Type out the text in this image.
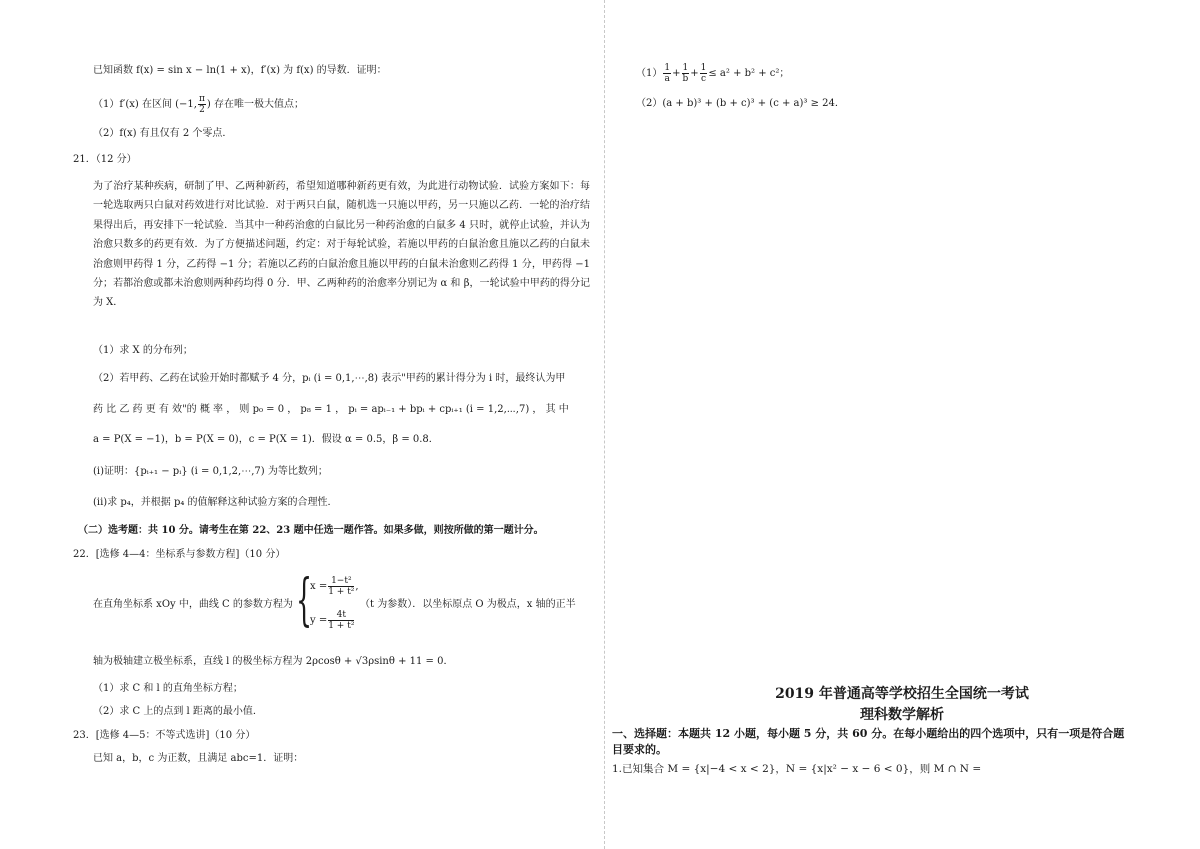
已知函数 f(x) = sin x − ln(1 + x)，f′(x) 为 f(x) 的导数．证明：
（1）f′(x) 在区间 (−1, $\frac{\pi}{2}$ ) 存在唯一极大值点；
（2）f(x) 有且仅有 2 个零点．
21．（12 分）
为了治疗某种疾病，研制了甲、乙两种新药，希望知道哪种新药更有效，为此进行动物试验．试验方案如下：每一轮选取两只白鼠对药效进行对比试验．对于两只白鼠，随机选一只施以甲药，另一只施以乙药．一轮的治疗结果得出后，再安排下一轮试验．当其中一种药治愈的白鼠比另一种药治愈的白鼠多 4 只时，就停止试验，并认为治愈只数多的药更有效．为了方便描述问题，约定：对于每轮试验，若施以甲药的白鼠治愈且施以乙药的白鼠未治愈则甲药得 1 分，乙药得 −1 分；若施以乙药的白鼠治愈且施以甲药的白鼠未治愈则乙药得 1 分，甲药得 −1 分；若都治愈或都未治愈则两种药均得 0 分．甲、乙两种药的治愈率分别记为 α 和 β，一轮试验中甲药的得分记为 X．
（1）求 X 的分布列；
（2）若甲药、乙药在试验开始时都赋予 4 分，pᵢ (i = 0,1,⋯,8) 表示"甲药的累计得分为 i 时，最终认为甲
药 比 乙 药 更 有 效"的 概 率 ， 则 p₀ = 0 ， p₈ = 1 ， pᵢ = apᵢ₋₁ + bpᵢ + cpᵢ₊₁ (i = 1,2,⋯,7) ， 其 中
a = P(X = −1)，b = P(X = 0)，c = P(X = 1)．假设 α = 0.5，β = 0.8．
(i)证明：{pᵢ₊₁ − pᵢ} (i = 0,1,2,⋯,7) 为等比数列；
(ii)求 p₄，并根据 p₄ 的值解释这种试验方案的合理性．
（二）选考题：共 10 分。请考生在第 22、23 题中任选一题作答。如果多做，则按所做的第一题计分。
22．[选修 4—4：坐标系与参数方程]（10 分）
在直角坐标系 xOy 中，曲线 C 的参数方程为 {
$x = \frac{\text{1−t²}}{\text{1 + t²}}$ ,
$y = \frac{4t}{\text{1 + t²}}$
（t 为参数）．以坐标原点 O 为极点，x 轴的正半
轴为极轴建立极坐标系，直线 l 的极坐标方程为 2ρcosθ + √3ρsinθ + 11 = 0．
（1）求 C 和 l 的直角坐标方程；
（2）求 C 上的点到 l 距离的最小值．
23．[选修 4—5：不等式选讲]（10 分）
已知 a，b，c 为正数，且满足 abc=1．证明：
$(1) \frac{1}{a} + \frac{1}{b} + \frac{1}{c} \le a^2 + b^2 + c^2$；
（2）(a + b)³ + (b + c)³ + (c + a)³ ≥ 24．
2019 年普通高等学校招生全国统一考试
理科数学解析
一、选择题：本题共 12 小题，每小题 5 分，共 60 分。在每小题给出的四个选项中，只有一项是符合题目要求的。
1.已知集合 M = {x|−4 < x < 2}，N = {x|x² − x − 6 < 0}，则 M ∩ N =
